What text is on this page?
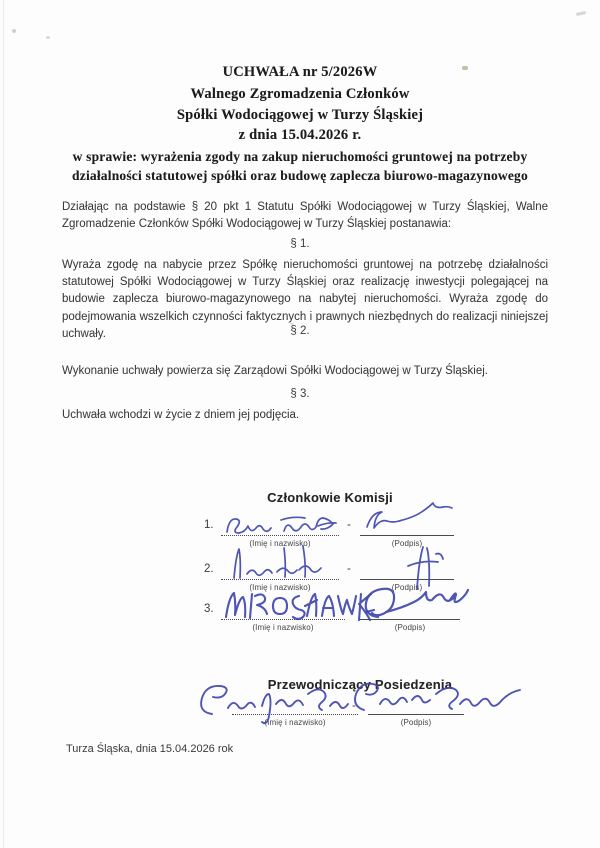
UCHWAŁA nr 5/2026W
Walnego Zgromadzenia Członków
Spółki Wodociągowej w Turzy Śląskiej
z dnia 15.04.2026 r.
w sprawie: wyrażenia zgody na zakup nieruchomości gruntowej na potrzeby działalności statutowej spółki oraz budowę zaplecza biurowo-magazynowego
Działając na podstawie § 20 pkt 1 Statutu Spółki Wodociągowej w Turzy Śląskiej, Walne Zgromadzenie Członków Spółki Wodociągowej w Turzy Śląskiej postanawia:
§ 1.
Wyraża zgodę na nabycie przez Spółkę nieruchomości gruntowej na potrzebę działalności statutowej Spółki Wodociągowej w Turzy Śląskiej oraz realizację inwestycji polegającej na budowie zaplecza biurowo-magazynowego na nabytej nieruchomości. Wyraża zgodę do podejmowania wszelkich czynności faktycznych i prawnych niezbędnych do realizacji niniejszej uchwały.	§ 2.
Wykonanie uchwały powierza się Zarządowi Spółki Wodociągowej w Turzy Śląskiej.
§ 3.
Uchwała wchodzi w życie z dniem jej podjęcia.
Członkowie Komisji
1.
(Imię i nazwisko)
-
(Podpis)
2.
(Imię i nazwisko)
-
(Podpis)
3.
(Imię i nazwisko)	(Podpis)
Przewodniczący Posiedzenia
(Imię i nazwisko)
-
(Podpis)
Turza Śląska, dnia 15.04.2026 rok
